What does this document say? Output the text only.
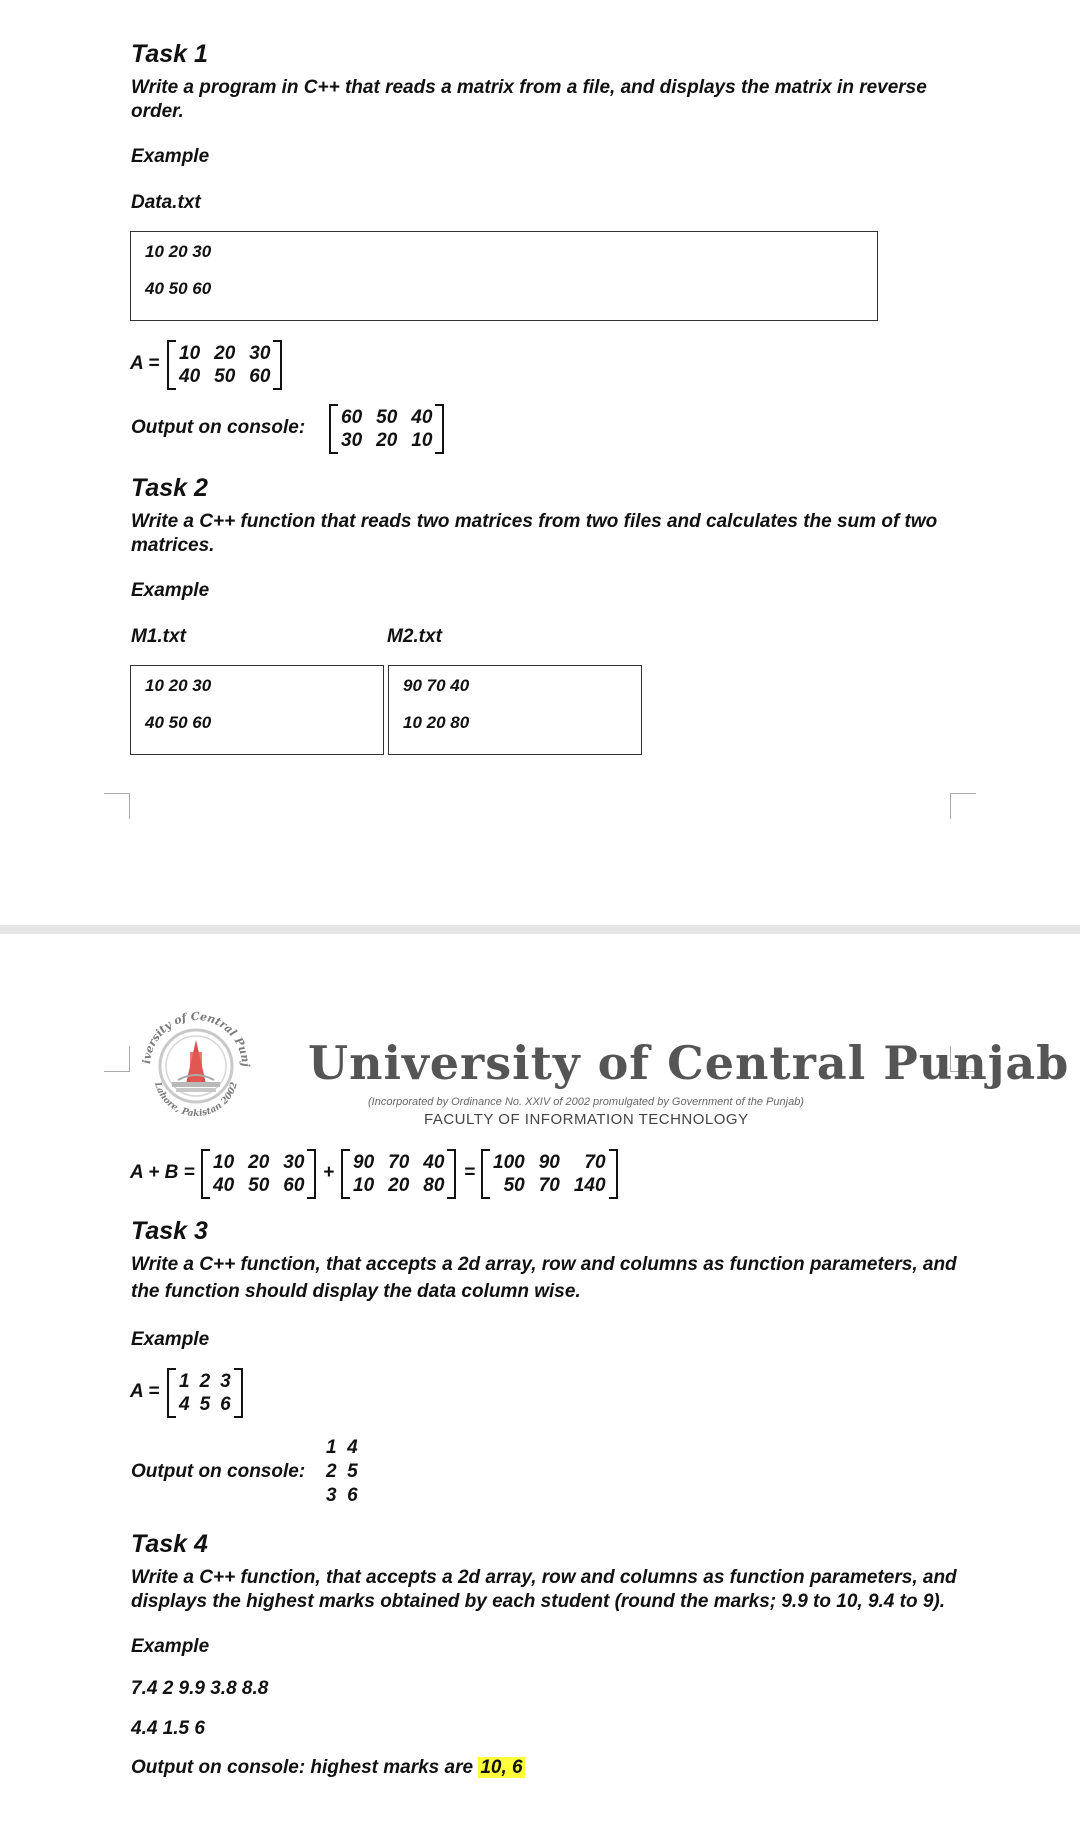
Task 1
Write a program in C++ that reads a matrix from a file, and displays the matrix in reverse
order.
Example
Data.txt
10 20 30
40 50 60
A = 10 20 30
40 50 60
Output on console: 60 50 40
30 20 10
Task 2
Write a C++ function that reads two matrices from two files and calculates the sum of two
matrices.
Example
M1.txt	M2.txt
10 20 30
40 50 60
90 70 40
10 20 80
iversity of Central Punj
Lahore, Pakistan 2002 University of Central Punjab
(Incorporated by Ordinance No. XXIV of 2002 promulgated by Government of the Punjab)
FACULTY OF INFORMATION TECHNOLOGY
A + B = 10 20 30
40 50 60
+ 90 70 40
10 20 80
= 100 90	70
50 70 140
Task 3
Write a C++ function, that accepts a 2d array, row and columns as function parameters, and
the function should display the data column wise.
Example
A = 1 2 3
4 5 6
Output on console:
1  4
2  5
3  6
Task 4
Write a C++ function, that accepts a 2d array, row and columns as function parameters, and
displays the highest marks obtained by each student (round the marks; 9.9 to 10, 9.4 to 9).
Example
7.4 2 9.9 3.8 8.8
4.4 1.5 6
Output on console: highest marks are 10, 6
